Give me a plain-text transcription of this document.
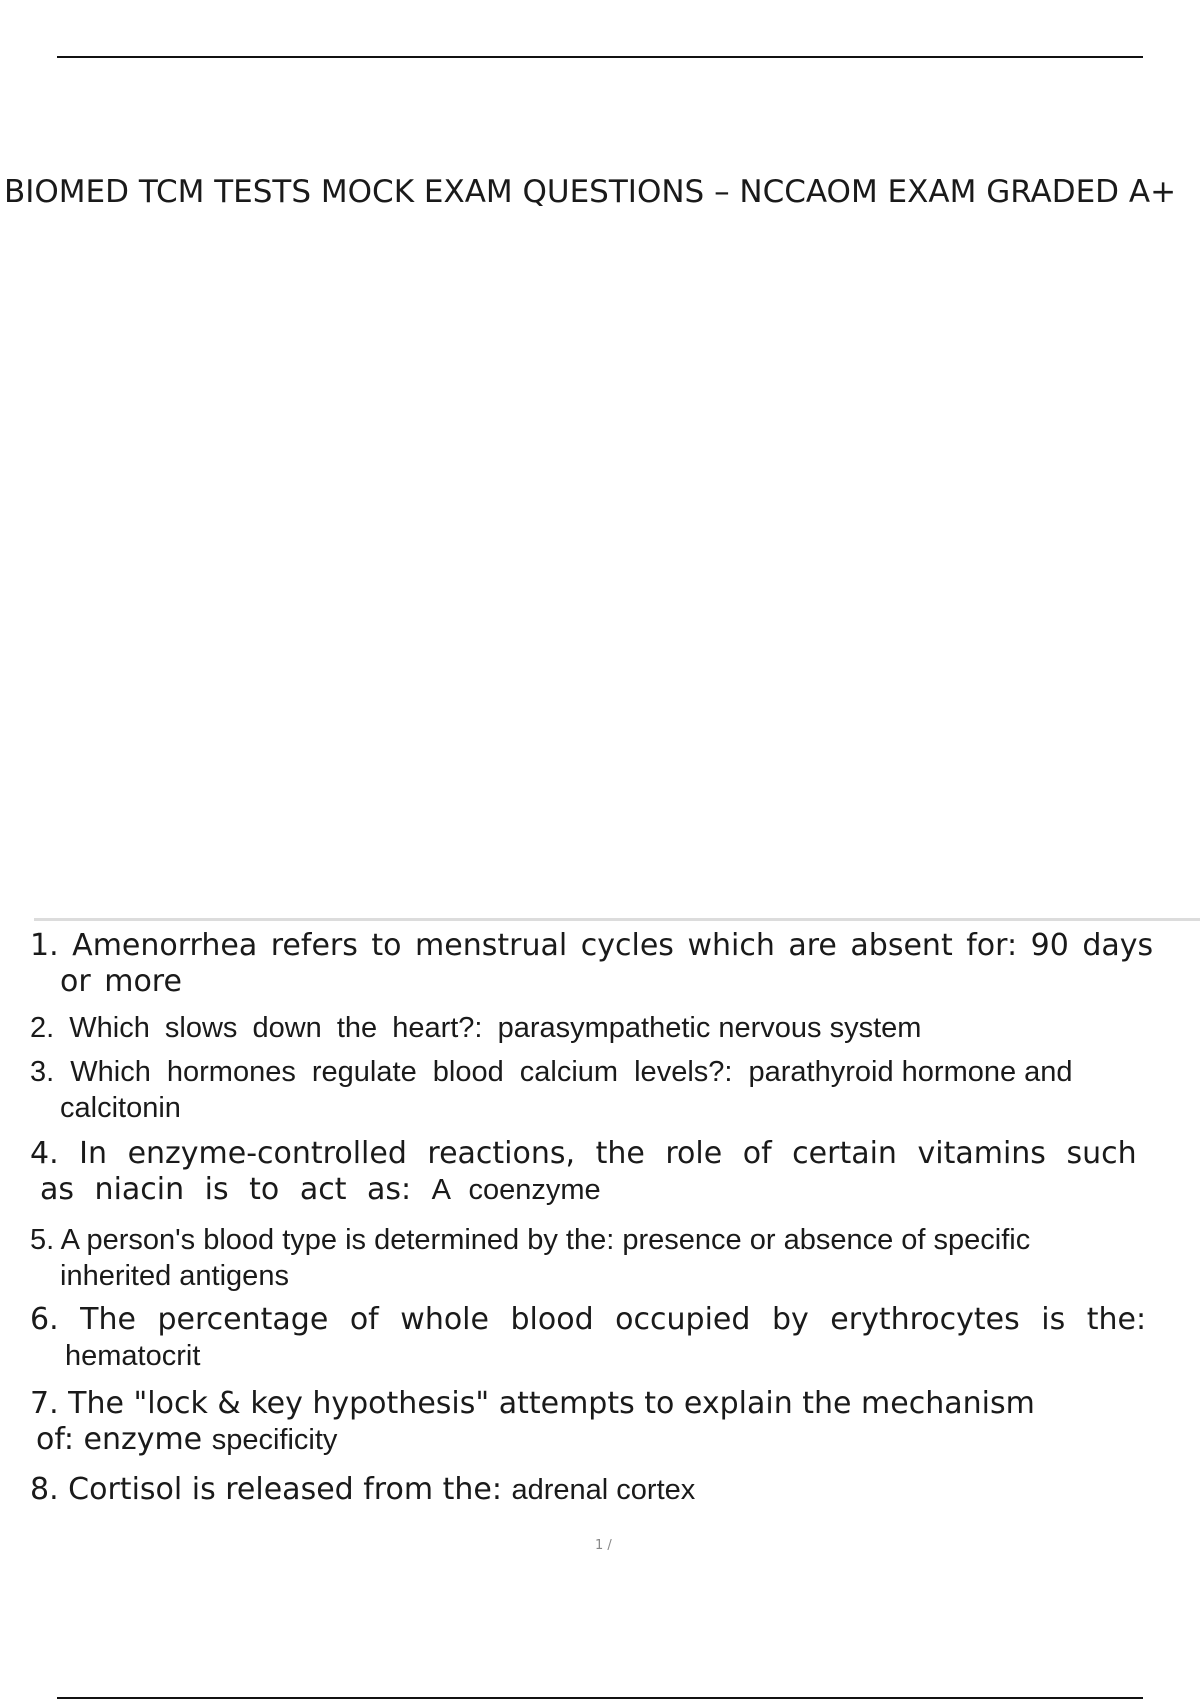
BIOMED TCM TESTS MOCK EXAM QUESTIONS – NCCAOM EXAM GRADED A+
1. Amenorrhea refers to menstrual cycles which are absent for: 90 days
or more
2. Which slows down the heart?: parasympathetic nervous system
3. Which hormones regulate blood calcium levels?: parathyroid hormone and
calcitonin
4. In enzyme-controlled reactions, the role of certain vitamins such
as niacin is to act as: A coenzyme
5. A person's blood type is determined by the: presence or absence of specific
inherited antigens
6. The percentage of whole blood occupied by erythrocytes is the:
hematocrit
7. The "lock & key hypothesis" attempts to explain the mechanism
of: enzyme specificity
8. Cortisol is released from the: adrenal cortex
1 /
